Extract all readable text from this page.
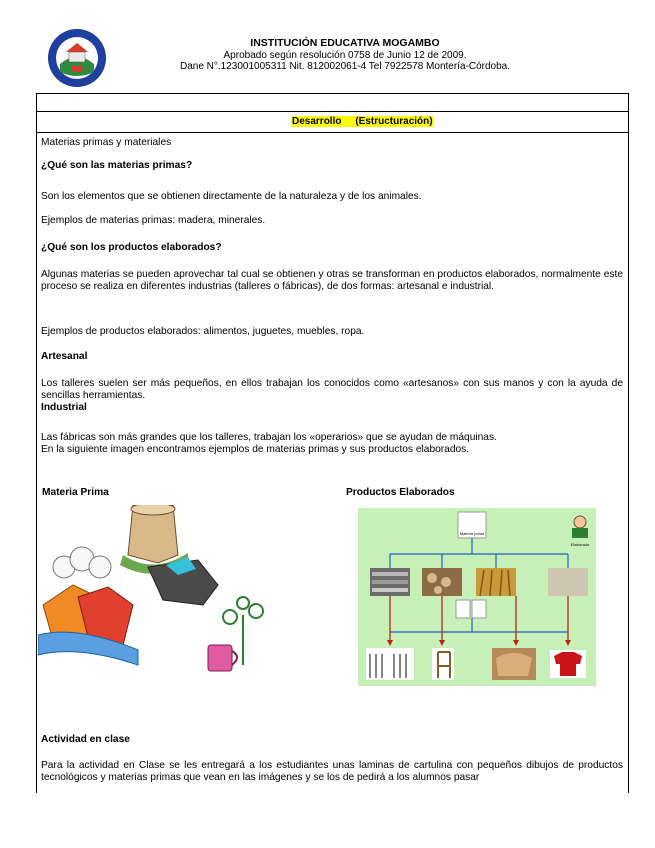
INSTITUCIÓN EDUCATIVA MOGAMBO
Aprobado según resolución 0758 de Junio 12 de 2009.
Dane N°.123001005311 Nit. 812002061-4 Tel 7922578 Montería-Córdoba.
Desarrollo     (Estructuración)
Materias primas y materiales
¿Qué son las materias primas?
Son los elementos que se obtienen directamente de la naturaleza y de los animales.
Ejemplos de materias primas: madera, minerales.
¿Qué son los productos elaborados?
Algunas materias se pueden aprovechar tal cual se obtienen y otras se transforman en productos elaborados, normalmente este proceso se realiza en diferentes industrias (talleres o fábricas), de dos formas: artesanal e industrial.
Ejemplos de productos elaborados: alimentos, juguetes, muebles, ropa.
Artesanal
Los talleres suelen ser más pequeños, en ellos trabajan los conocidos como «artesanos» con sus manos y con la ayuda de sencillas herramientas.
Industrial
Las fábricas son más grandes que los talleres, trabajan los «operarios» que se ayudan de máquinas.
En la siguiente imagen encontramos ejemplos de materias primas y sus productos elaborados.
Materia Prima	Productos Elaborados
Materia prima
Elaborado
Actividad en clase
Para la actividad en Clase se les entregará a los estudiantes unas laminas de cartulina con pequeños dibujos de productos tecnológicos y materias primas que vean en las imágenes y se los de pedirá a los alumnos pasar
